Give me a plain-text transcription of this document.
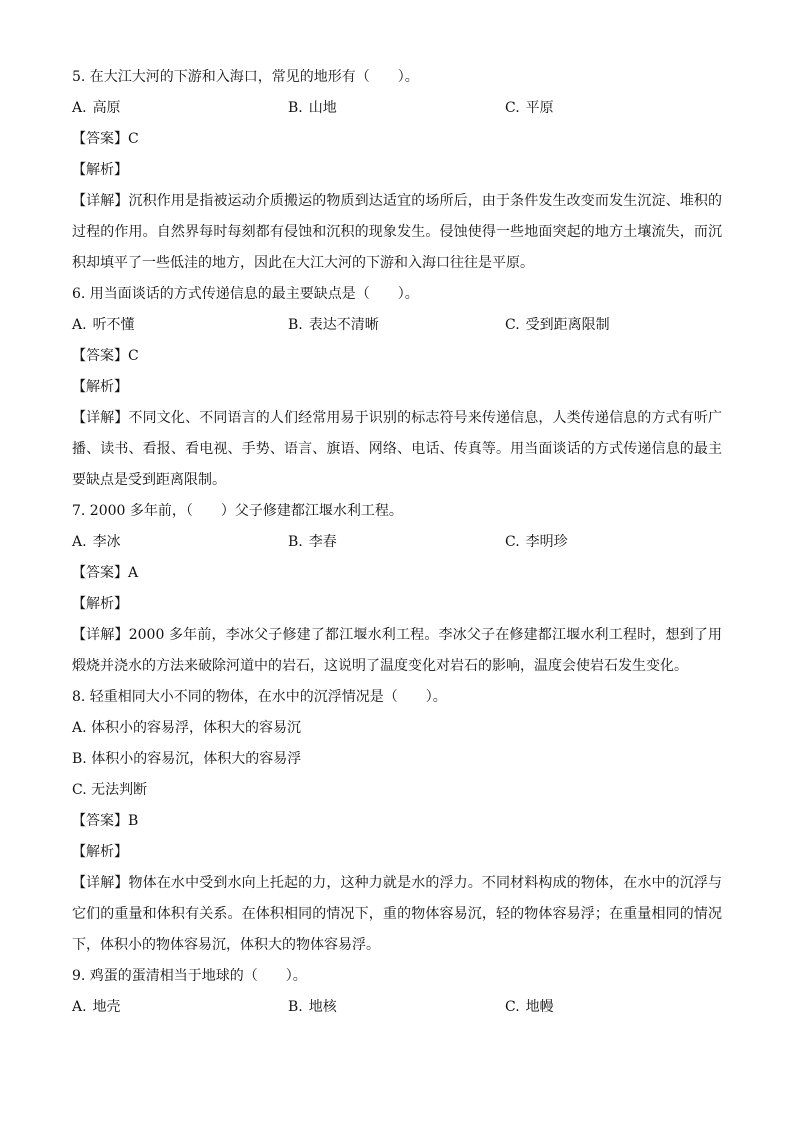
5. 在大江大河的下游和入海口，常见的地形有（　　）。
A. 高原	B. 山地	C. 平原
【答案】C
【解析】
【详解】沉积作用是指被运动介质搬运的物质到达适宜的场所后，由于条件发生改变而发生沉淀、堆积的过程的作用。自然界每时每刻都有侵蚀和沉积的现象发生。侵蚀使得一些地面突起的地方土壤流失，而沉积却填平了一些低洼的地方，因此在大江大河的下游和入海口往往是平原。
6. 用当面谈话的方式传递信息的最主要缺点是（　　）。
A. 听不懂	B. 表达不清晰	C. 受到距离限制
【答案】C
【解析】
【详解】不同文化、不同语言的人们经常用易于识别的标志符号来传递信息，人类传递信息的方式有听广播、读书、看报、看电视、手势、语言、旗语、网络、电话、传真等。用当面谈话的方式传递信息的最主要缺点是受到距离限制。
7. 2000 多年前，（　　）父子修建都江堰水利工程。
A. 李冰	B. 李春	C. 李明珍
【答案】A
【解析】
【详解】2000 多年前，李冰父子修建了都江堰水利工程。李冰父子在修建都江堰水利工程时，想到了用煅烧并浇水的方法来破除河道中的岩石，这说明了温度变化对岩石的影响，温度会使岩石发生变化。
8. 轻重相同大小不同的物体，在水中的沉浮情况是（　　）。
A. 体积小的容易浮，体积大的容易沉
B. 体积小的容易沉，体积大的容易浮
C. 无法判断
【答案】B
【解析】
【详解】物体在水中受到水向上托起的力，这种力就是水的浮力。不同材料构成的物体，在水中的沉浮与它们的重量和体积有关系。在体积相同的情况下，重的物体容易沉，轻的物体容易浮；在重量相同的情况下，体积小的物体容易沉，体积大的物体容易浮。
9. 鸡蛋的蛋清相当于地球的（　　）。
A. 地壳	B. 地核	C. 地幔
